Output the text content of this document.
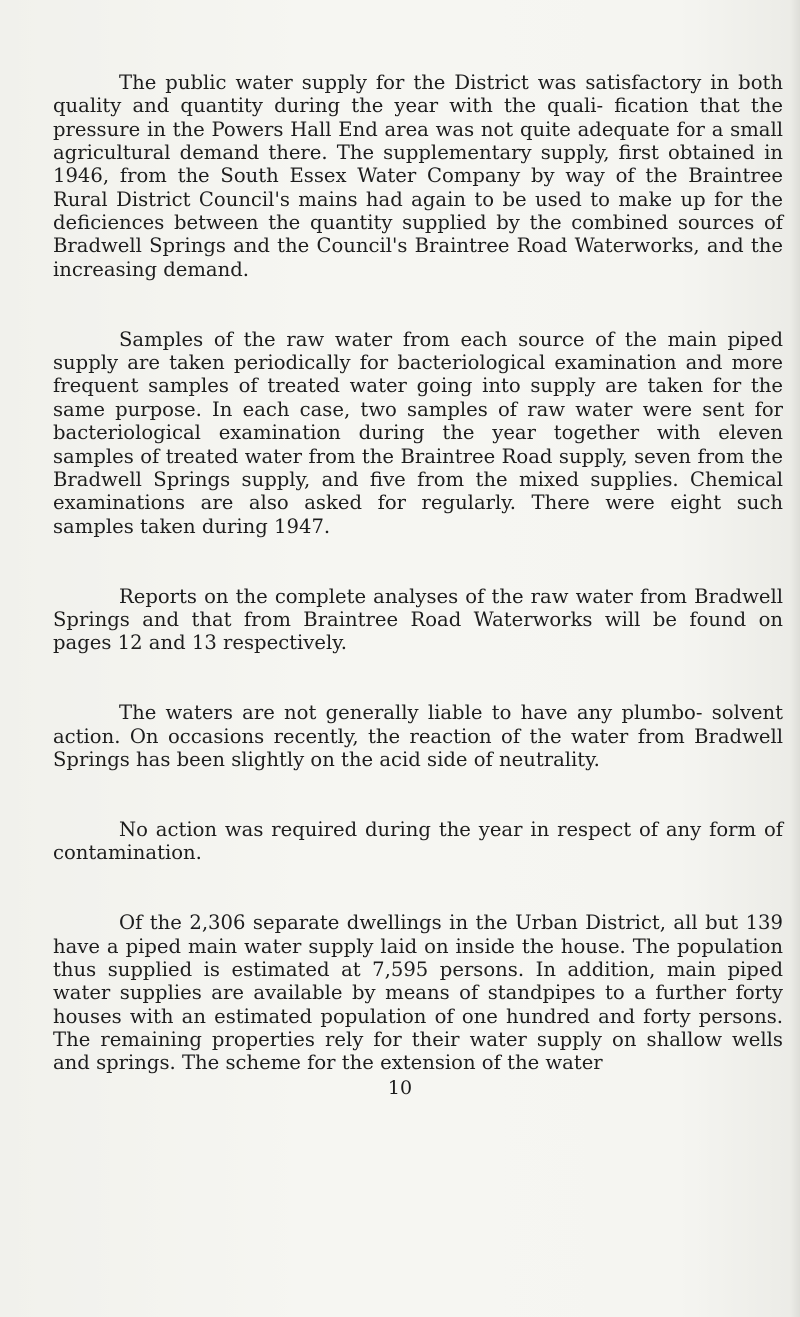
The public water supply for the District was satisfactory in both quality and quantity during the year with the quali- fication that the pressure in the Powers Hall End area was not quite adequate for a small agricultural demand there. The supplementary supply, first obtained in 1946, from the South Essex Water Company by way of the Braintree Rural District Council's mains had again to be used to make up for the deficiences between the quantity supplied by the combined sources of Bradwell Springs and the Council's Braintree Road Waterworks, and the increasing demand.

Samples of the raw water from each source of the main piped supply are taken periodically for bacteriological examination and more frequent samples of treated water going into supply are taken for the same purpose. In each case, two samples of raw water were sent for bacteriological examination during the year together with eleven samples of treated water from the Braintree Road supply, seven from the Bradwell Springs supply, and five from the mixed supplies. Chemical examinations are also asked for regularly. There were eight such samples taken during 1947.

Reports on the complete analyses of the raw water from Bradwell Springs and that from Braintree Road Waterworks will be found on pages 12 and 13 respectively.

The waters are not generally liable to have any plumbo- solvent action. On occasions recently, the reaction of the water from Bradwell Springs has been slightly on the acid side of neutrality.

No action was required during the year in respect of any form of contamination.

Of the 2,306 separate dwellings in the Urban District, all but 139 have a piped main water supply laid on inside the house. The population thus supplied is estimated at 7,595 persons. In addition, main piped water supplies are available by means of standpipes to a further forty houses with an estimated population of one hundred and forty persons. The remaining properties rely for their water supply on shallow wells and springs. The scheme for the extension of the water

10
